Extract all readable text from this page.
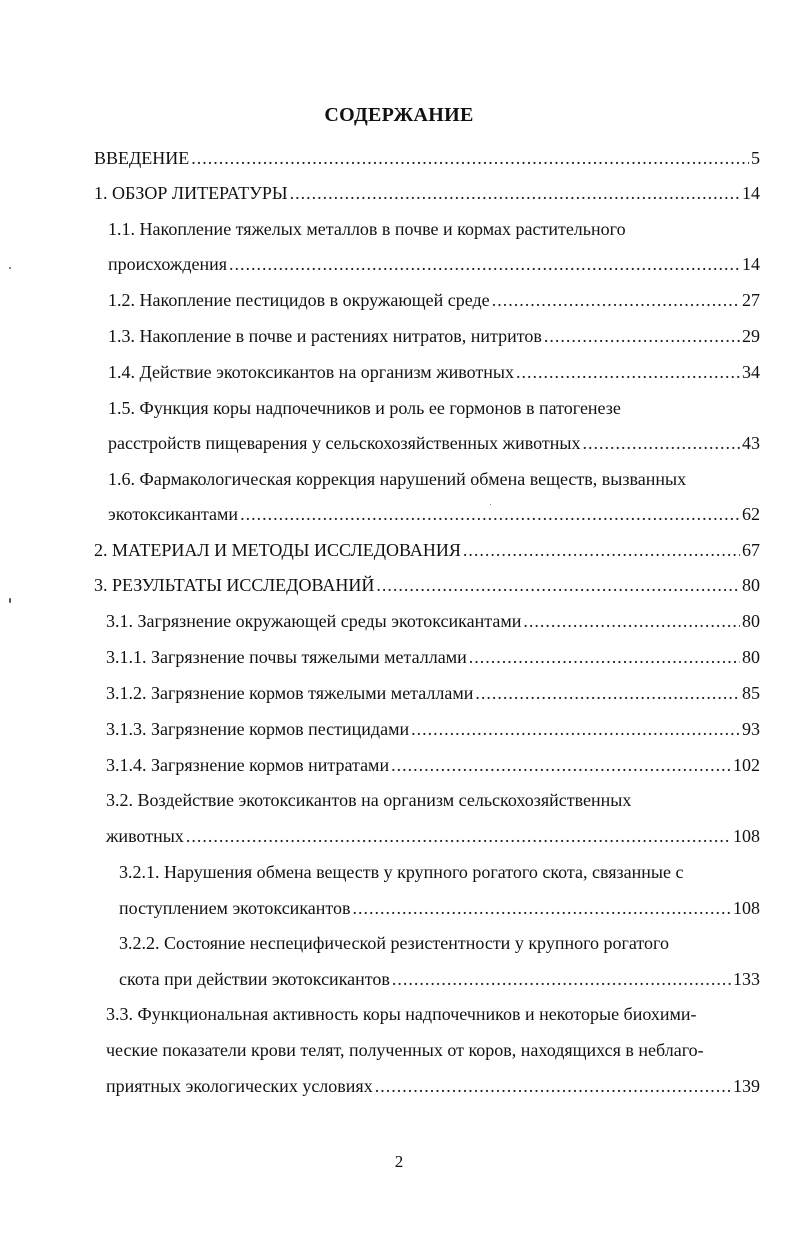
СОДЕРЖАНИЕ
ВВЕДЕНИЕ .....	5
1. ОБЗОР ЛИТЕРАТУРЫ .....	14
1.1. Накопление тяжелых металлов в почве и кормах растительного
происхождения .....	14
1.2. Накопление пестицидов в окружающей среде .....	27
1.3. Накопление в почве и растениях нитратов, нитритов .....	29
1.4. Действие экотоксикантов на организм животных .....	34
1.5. Функция коры надпочечников и роль ее гормонов в патогенезе
расстройств пищеварения у сельскохозяйственных животных .....	43
1.6. Фармакологическая коррекция нарушений обмена веществ, вызванных
экотоксикантами .....	62
2. МАТЕРИАЛ И МЕТОДЫ ИССЛЕДОВАНИЯ .....	67
3. РЕЗУЛЬТАТЫ ИССЛЕДОВАНИЙ .....	80
3.1. Загрязнение окружающей среды экотоксикантами .....	80
3.1.1. Загрязнение почвы тяжелыми металлами .....	80
3.1.2. Загрязнение кормов тяжелыми металлами .....	85
3.1.3. Загрязнение кормов пестицидами .....	93
3.1.4. Загрязнение кормов нитратами .....	102
3.2. Воздействие экотоксикантов на организм сельскохозяйственных
животных .....	108
3.2.1. Нарушения обмена веществ у крупного рогатого скота, связанные с
поступлением экотоксикантов .....	108
3.2.2. Состояние неспецифической резистентности у крупного рогатого
скота при действии экотоксикантов .....	133
3.3. Функциональная активность коры надпочечников и некоторые биохими-
ческие показатели крови телят, полученных от коров, находящихся в неблаго-
приятных экологических условиях .....	139
2
